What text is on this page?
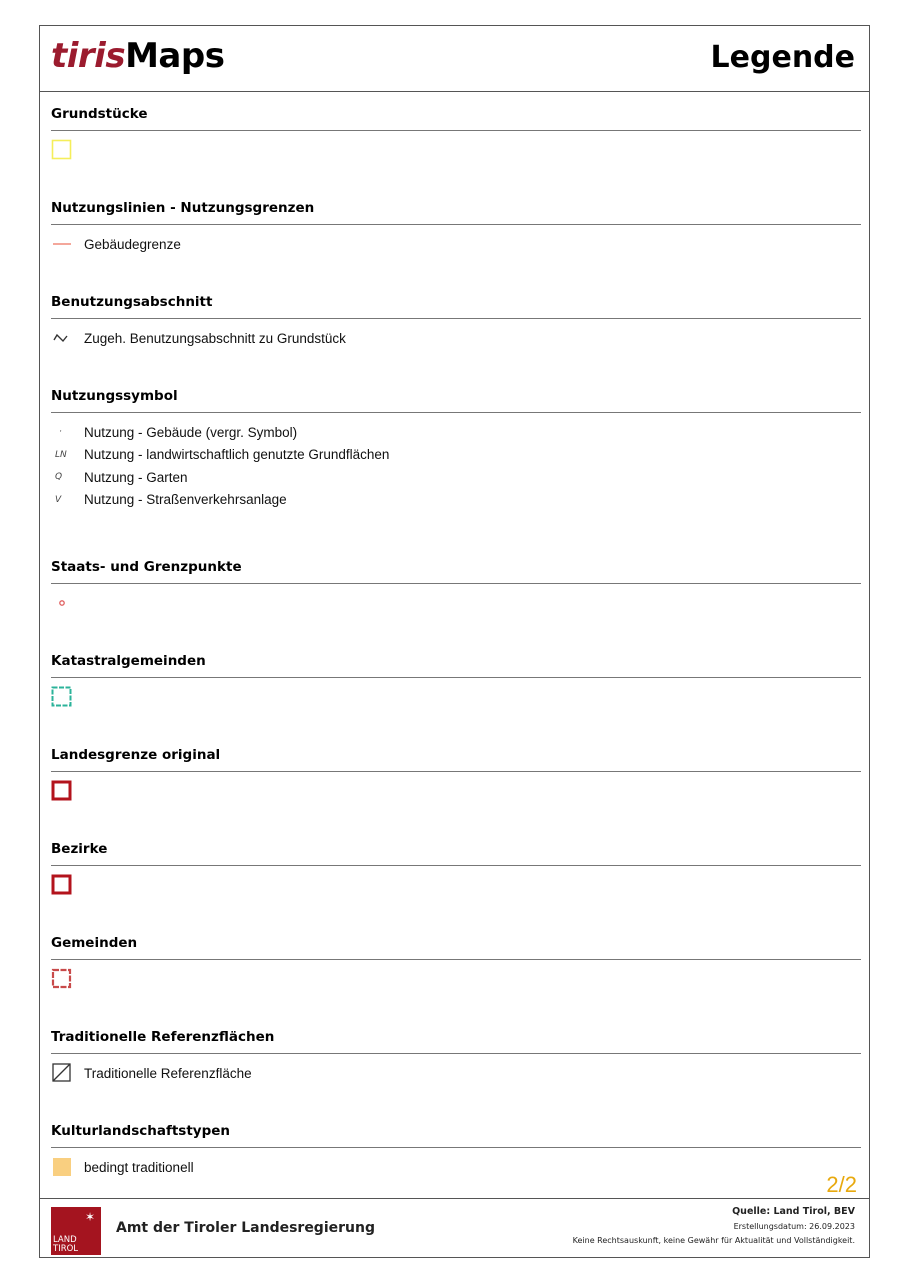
tirisMaps	Legende
Grundstücke
Nutzungslinien - Nutzungsgrenzen
Gebäudegrenze
Benutzungsabschnitt
Zugeh. Benutzungsabschnitt zu Grundstück
Nutzungssymbol
· Nutzung - Gebäude (vergr. Symbol)
LN Nutzung - landwirtschaftlich genutzte Grundflächen
Q Nutzung - Garten
V Nutzung - Straßenverkehrsanlage
Staats- und Grenzpunkte
Katastralgemeinden
Landesgrenze original
Bezirke
Gemeinden
Traditionelle Referenzflächen
Traditionelle Referenzfläche
Kulturlandschaftstypen
bedingt traditionell
2/2
✶
LAND
TIROL
Amt der Tiroler Landesregierung
Quelle: Land Tirol, BEV
Erstellungsdatum: 26.09.2023
Keine Rechtsauskunft, keine Gewähr für Aktualität und Vollständigkeit.
